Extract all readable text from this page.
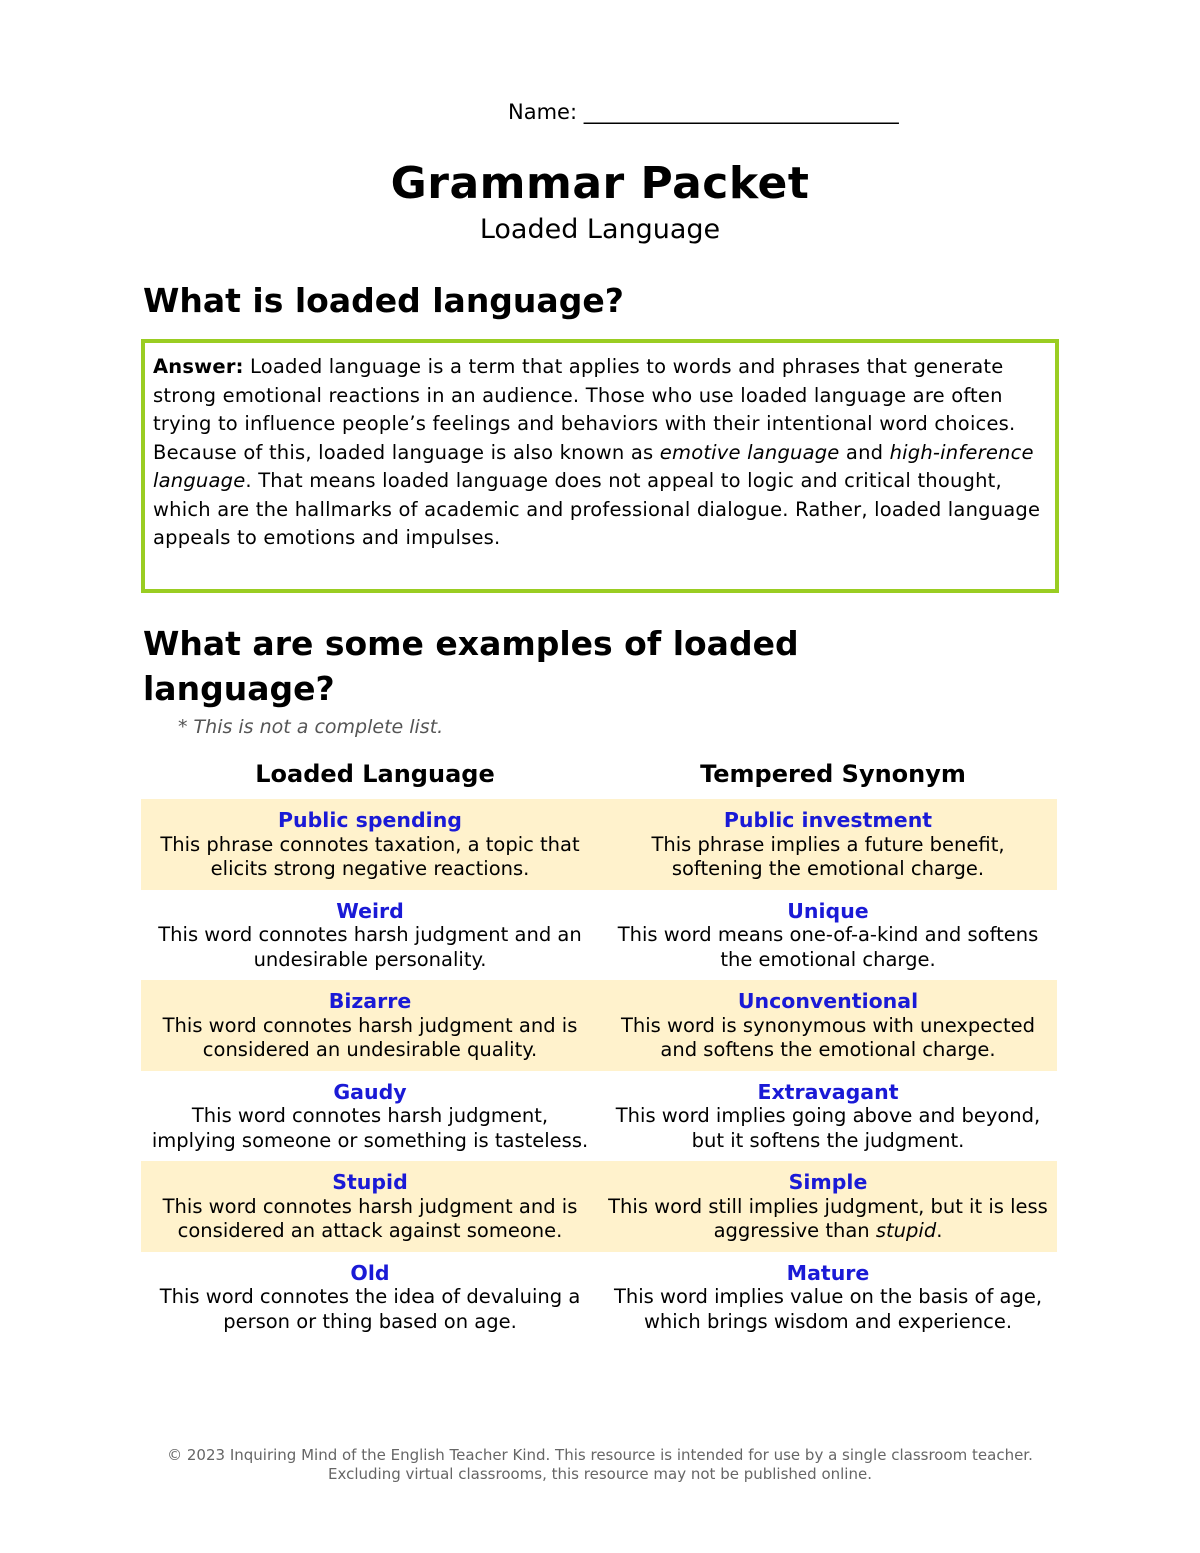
Name: ______________________________
Grammar Packet
Loaded Language
What is loaded language?
Answer: Loaded language is a term that applies to words and phrases that generate strong emotional reactions in an audience. Those who use loaded language are often trying to influence people’s feelings and behaviors with their intentional word choices. Because of this, loaded language is also known as emotive language and high-inference language. That means loaded language does not appeal to logic and critical thought, which are the hallmarks of academic and professional dialogue. Rather, loaded language appeals to emotions and impulses.
What are some examples of loaded language?
* This is not a complete list.
Loaded Language	Tempered Synonym
Public spending
This phrase connotes taxation, a topic that elicits strong negative reactions.
Public investment
This phrase implies a future benefit, softening the emotional charge.
Weird
This word connotes harsh judgment and an undesirable personality.
Unique
This word means one-of-a-kind and softens the emotional charge.
Bizarre
This word connotes harsh judgment and is considered an undesirable quality.
Unconventional
This word is synonymous with unexpected and softens the emotional charge.
Gaudy
This word connotes harsh judgment, implying someone or something is tasteless.
Extravagant
This word implies going above and beyond, but it softens the judgment.
Stupid
This word connotes harsh judgment and is considered an attack against someone.
Simple
This word still implies judgment, but it is less aggressive than stupid.
Old
This word connotes the idea of devaluing a person or thing based on age.
Mature
This word implies value on the basis of age, which brings wisdom and experience.
© 2023 Inquiring Mind of the English Teacher Kind. This resource is intended for use by a single classroom teacher.
Excluding virtual classrooms, this resource may not be published online.
